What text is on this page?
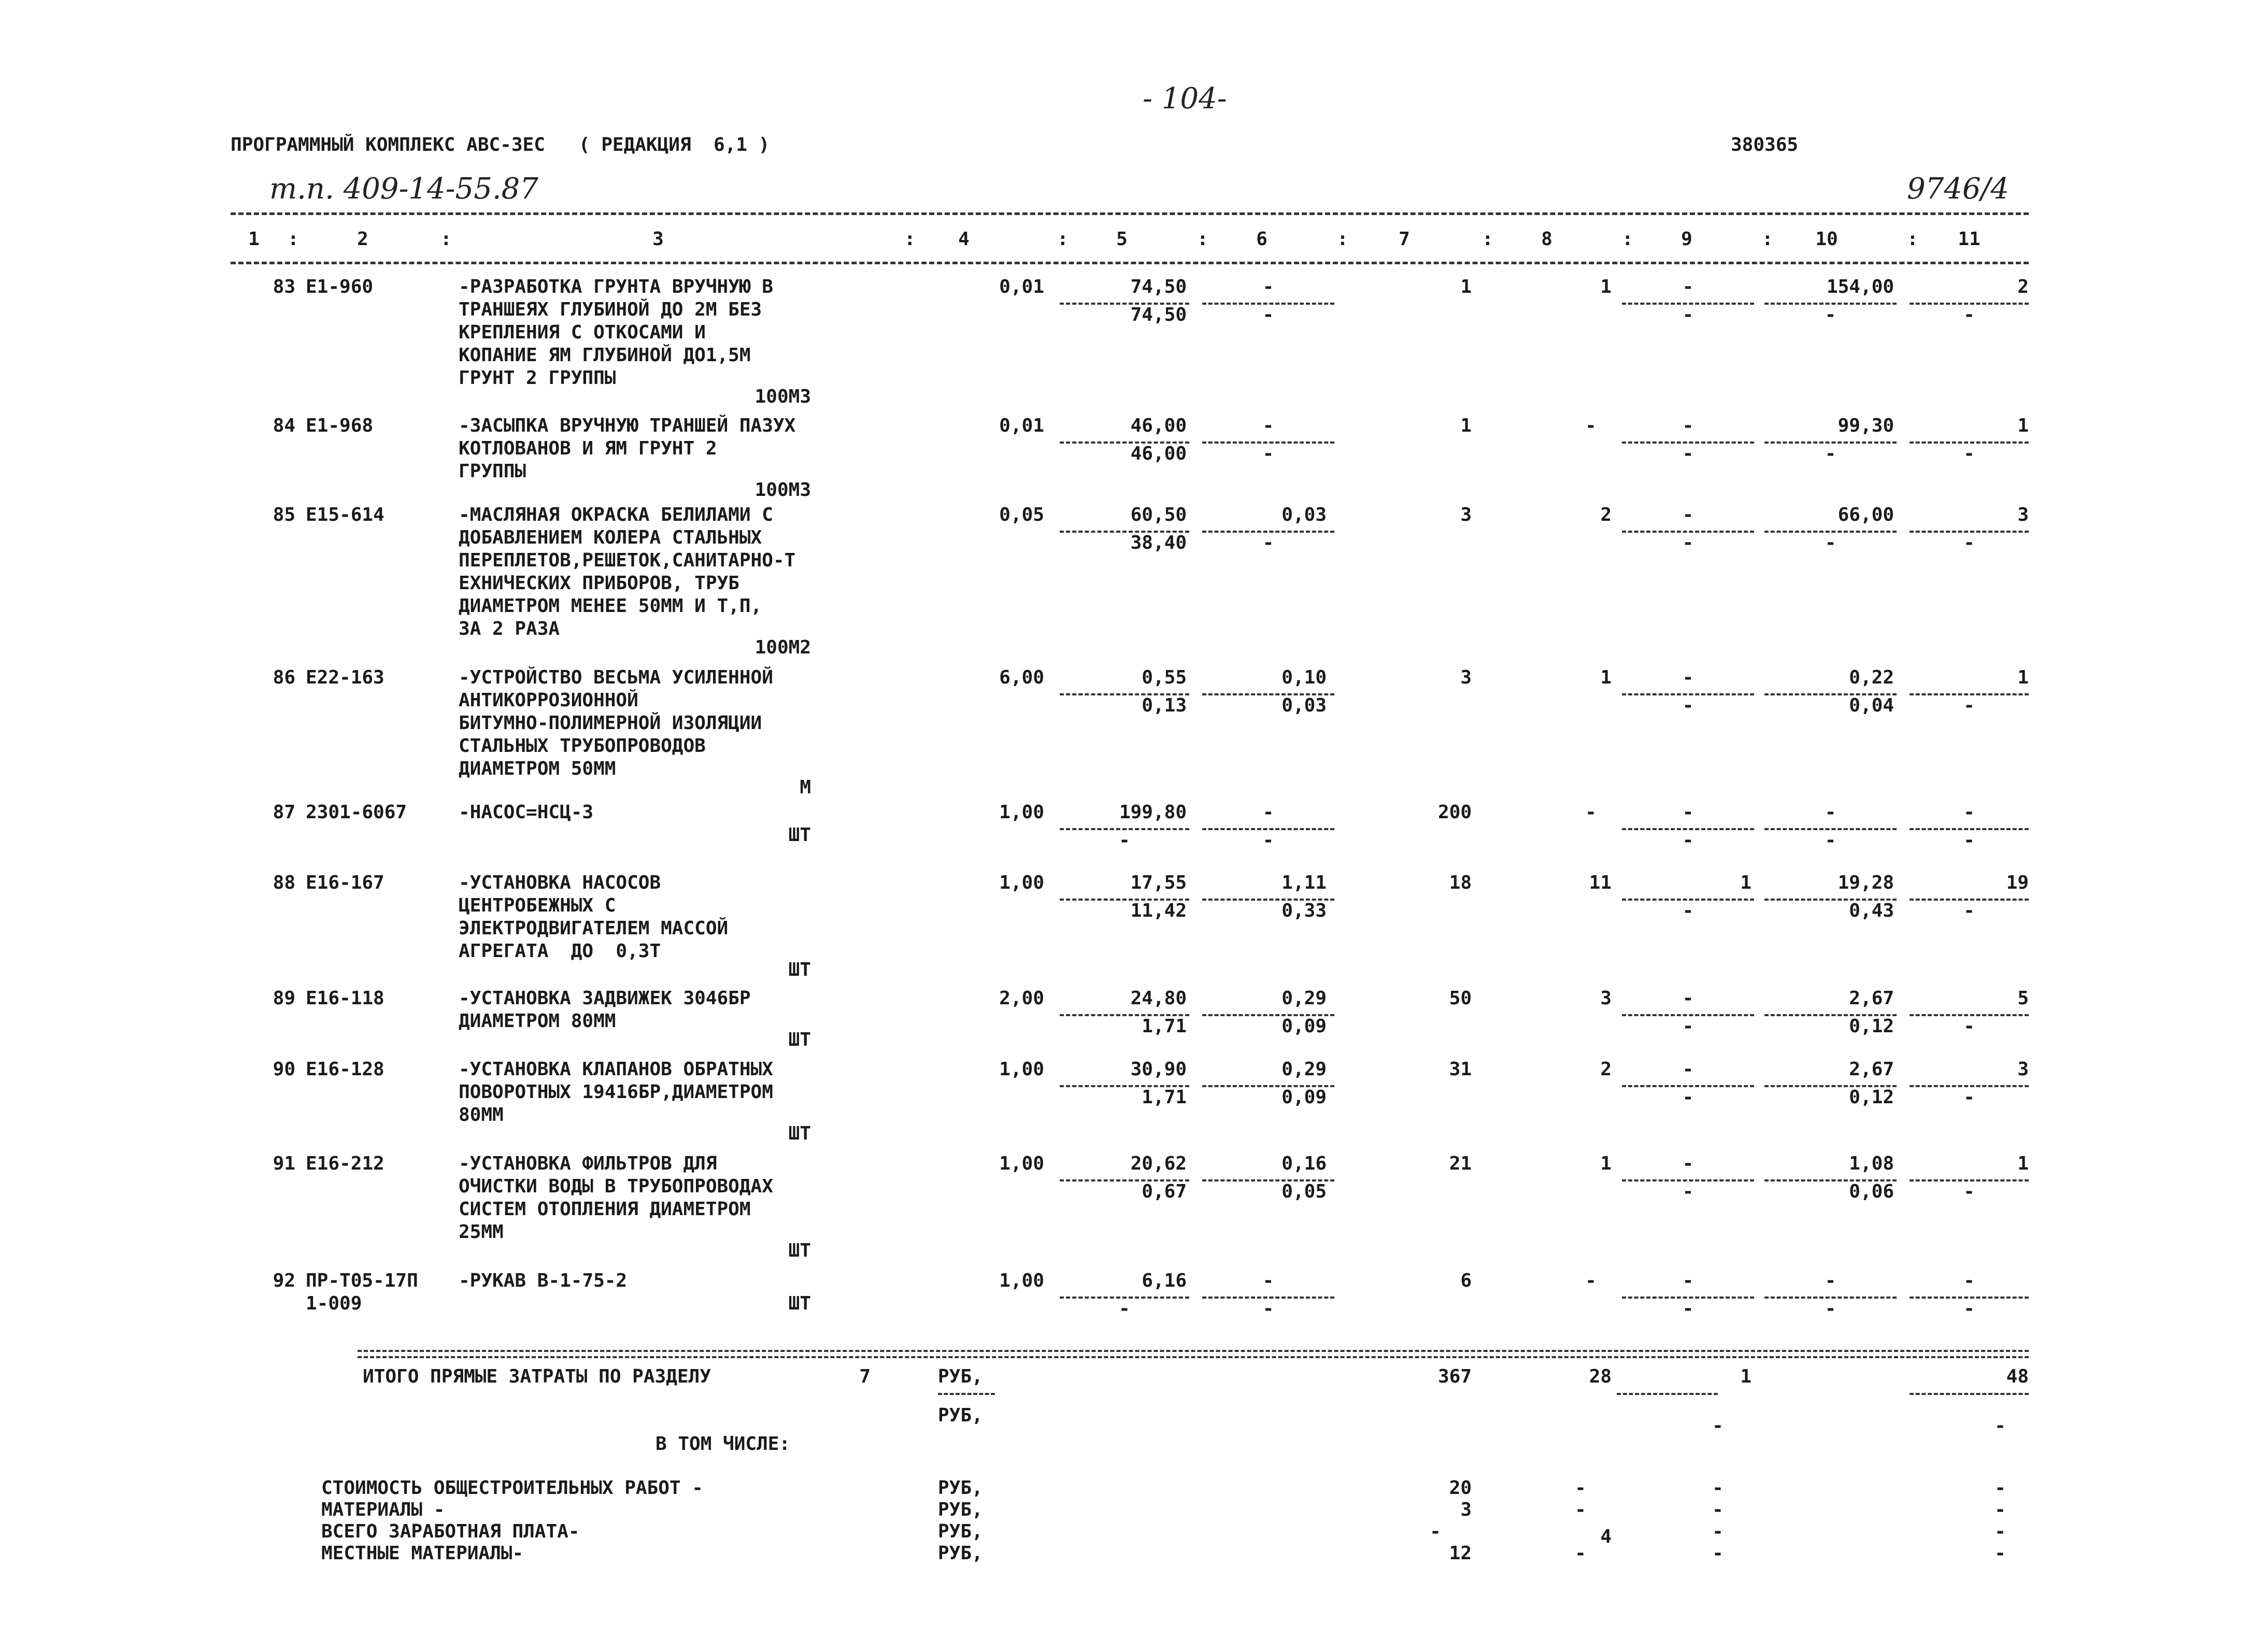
- 104-
ПРОГРАММНЫЙ КОМПЛЕКС АВС-ЗЕС   ( РЕДАКЦИЯ  6,1 )	380365
т.п. 409-14-55.87	9746/4
1	2	3	4	5	6	7	8	9	10	11
:	:	:	:	:	:	:	:	:	:
83 Е1-960	-РАЗРАБОТКА ГРУНТА ВРУЧНУЮ В
ТРАНШЕЯХ ГЛУБИНОЙ ДО 2М БЕЗ
КРЕПЛЕНИЯ С ОТКОСАМИ И
КОПАНИЕ ЯМ ГЛУБИНОЙ ДО1,5М
ГРУНТ 2 ГРУППЫ
100М3
0,01	74,50	-	1	1	-	154,00	2
74,50	-	-	-	-
84 Е1-968	-ЗАСЫПКА ВРУЧНУЮ ТРАНШЕЙ ПАЗУХ
КОТЛОВАНОВ И ЯМ ГРУНТ 2
ГРУППЫ
100М3
0,01	46,00	-	1	-	-	99,30	1
46,00	-	-	-	-
85 Е15-614	-МАСЛЯНАЯ ОКРАСКА БЕЛИЛАМИ С
ДОБАВЛЕНИЕМ КОЛЕРА СТАЛЬНЫХ
ПЕРЕПЛЕТОВ,РЕШЕТОК,САНИТАРНО-Т
ЕХНИЧЕСКИХ ПРИБОРОВ, ТРУБ
ДИАМЕТРОМ МЕНЕЕ 50ММ И Т,П,
ЗА 2 РАЗА
100М2
0,05	60,50	0,03	3	2	-	66,00	3
38,40	-	-	-	-
86 Е22-163	-УСТРОЙСТВО ВЕСЬМА УСИЛЕННОЙ
АНТИКОРРОЗИОННОЙ
БИТУМНО-ПОЛИМЕРНОЙ ИЗОЛЯЦИИ
СТАЛЬНЫХ ТРУБОПРОВОДОВ
ДИАМЕТРОМ 50ММ
М
6,00	0,55	0,10	3	1	-	0,22	1
0,13	0,03	-	0,04	-
87 2301-6067	-НАСОС=НСЦ-3
ШТ
1,00	199,80	-	200	-	-	-	-
-	-	-	-	-
88 Е16-167	-УСТАНОВКА НАСОСОВ
ЦЕНТРОБЕЖНЫХ С
ЭЛЕКТРОДВИГАТЕЛЕМ МАССОЙ
АГРЕГАТА  ДО  0,3Т
ШТ
1,00	17,55	1,11	18	11	1	19,28	19
11,42	0,33	-	0,43	-
89 Е16-118	-УСТАНОВКА ЗАДВИЖЕК 3046БР
ДИАМЕТРОМ 80ММ
ШТ
2,00	24,80	0,29	50	3	-	2,67	5
1,71	0,09	-	0,12	-
90 Е16-128	-УСТАНОВКА КЛАПАНОВ ОБРАТНЫХ
ПОВОРОТНЫХ 19416БР,ДИАМЕТРОМ
80ММ
ШТ
1,00	30,90	0,29	31	2	-	2,67	3
1,71	0,09	-	0,12	-
91 Е16-212	-УСТАНОВКА ФИЛЬТРОВ ДЛЯ
ОЧИСТКИ ВОДЫ В ТРУБОПРОВОДАХ
СИСТЕМ ОТОПЛЕНИЯ ДИАМЕТРОМ
25ММ
ШТ
1,00	20,62	0,16	21	1	-	1,08	1
0,67	0,05	-	0,06	-
92 ПР-Т05-17П
1-009
-РУКАВ В-1-75-2
ШТ
1,00	6,16	-	6	-	-	-	-
-	-	-	-	-
ИТОГО ПРЯМЫЕ ЗАТРАТЫ ПО РАЗДЕЛУ	7	РУБ,	367	28	1	48
РУБ,	-	-
В ТОМ ЧИСЛЕ:
СТОИМОСТЬ ОБЩЕСТРОИТЕЛЬНЫХ РАБОТ -	РУБ,	20	-	-	-
МАТЕРИАЛЫ -	РУБ,	3	-	-	-
ВСЕГО ЗАРАБОТНАЯ ПЛАТА-	РУБ,	-	4	-	-
МЕСТНЫЕ МАТЕРИАЛЫ-	РУБ,	12	-	-	-
